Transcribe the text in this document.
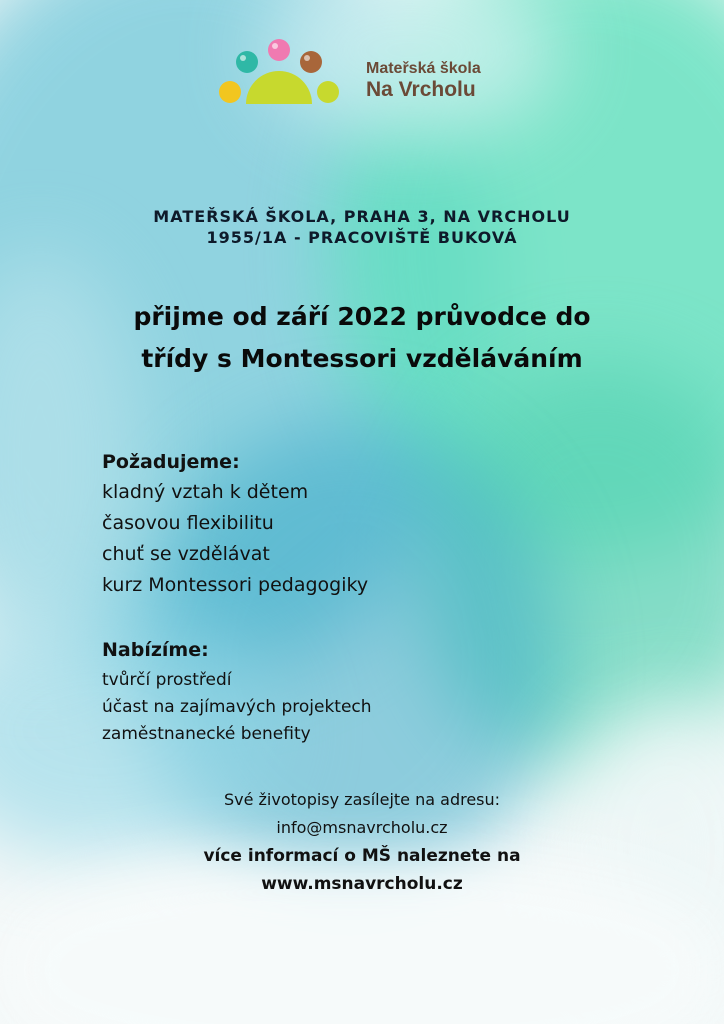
Mateřská škola
Na Vrcholu
MATEŘSKÁ ŠKOLA, PRAHA 3, NA VRCHOLU
1955/1A - PRACOVIŠTĚ BUKOVÁ
přijme od září 2022 průvodce do
třídy s Montessori vzděláváním

Požadujeme:

kladný vztah k dětem
časovou flexibilitu
chuť se vzdělávat
kurz Montessori pedagogiky

Nabízíme:

tvůrčí prostředí
účast na zajímavých projektech
zaměstnanecké benefity
Své životopisy zasílejte na adresu:
info@msnavrcholu.cz
více informací o MŠ naleznete na
www.msnavrcholu.cz
